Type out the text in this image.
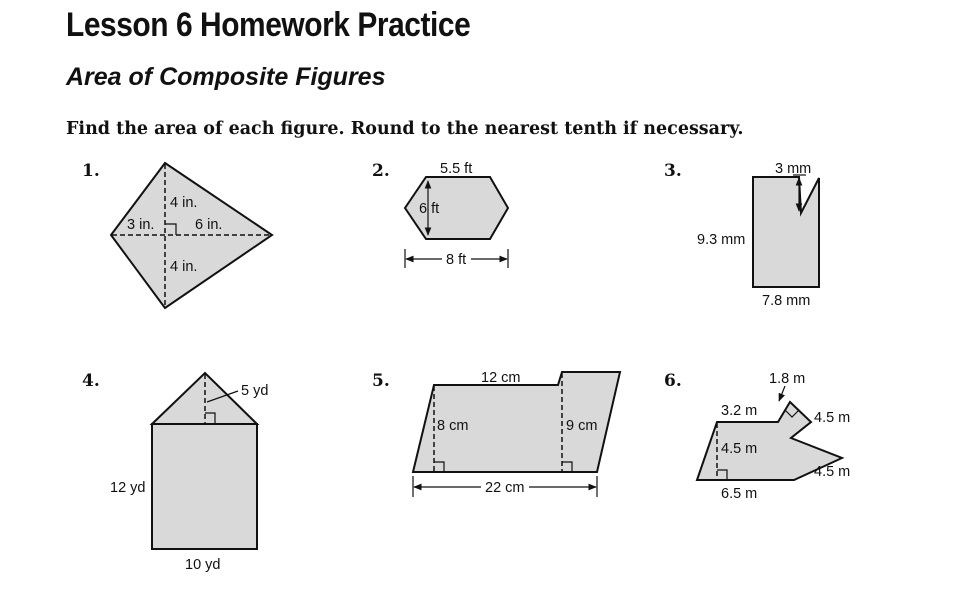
Lesson 6 Homework Practice
Area of Composite Figures

Find the area of each figure. Round to the nearest tenth if necessary.

1.
4 in.
3 in.	6 in.
4 in.
2.	5.5 ft
6 ft
8 ft
3.	3 mm
9.3 mm
7.8 mm
4.	5 yd
12 yd
10 yd
5.	12 cm
8 cm	9 cm
22 cm
6.	1.8 m
3.2 m	4.5 m
4.5 m
4.5 m
6.5 m
